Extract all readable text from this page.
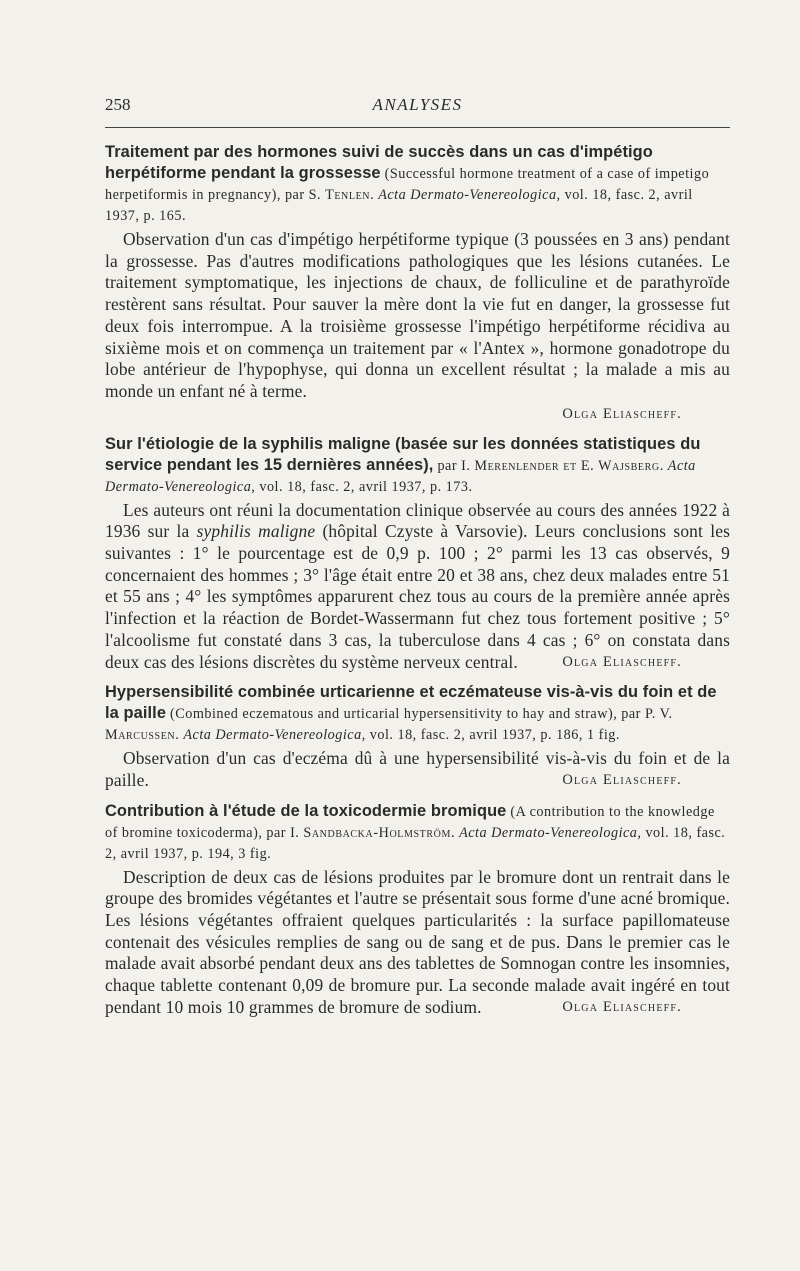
258	ANALYSES
Traitement par des hormones suivi de succès dans un cas d'impétigo herpétiforme pendant la grossesse (Successful hormone treatment of a case of impetigo herpetiformis in pregnancy), par S. Tenlen. Acta Dermato-Venereologica, vol. 18, fasc. 2, avril 1937, p. 165.

Observation d'un cas d'impétigo herpétiforme typique (3 poussées en 3 ans) pendant la grossesse. Pas d'autres modifications pathologiques que les lésions cutanées. Le traitement symptomatique, les injections de chaux, de folliculine et de parathyroïde restèrent sans résultat. Pour sauver la mère dont la vie fut en danger, la grossesse fut deux fois interrompue. A la troisième grossesse l'impétigo herpétiforme récidiva au sixième mois et on commença un traitement par « l'Antex », hormone gonadotrope du lobe antérieur de l'hypophyse, qui donna un excellent résultat ; la malade a mis au monde un enfant né à terme.

Olga Eliascheff.
Sur l'étiologie de la syphilis maligne (basée sur les données statistiques du service pendant les 15 dernières années), par I. Merenlender et E. Wajsberg. Acta Dermato-Venereologica, vol. 18, fasc. 2, avril 1937, p. 173.

Les auteurs ont réuni la documentation clinique observée au cours des années 1922 à 1936 sur la syphilis maligne (hôpital Czyste à Varsovie). Leurs conclusions sont les suivantes : 1° le pourcentage est de 0,9 p. 100 ; 2° parmi les 13 cas observés, 9 concernaient des hommes ; 3° l'âge était entre 20 et 38 ans, chez deux malades entre 51 et 55 ans ; 4° les symptômes apparurent chez tous au cours de la première année après l'infection et la réaction de Bordet-Wassermann fut chez tous fortement positive ; 5° l'alcoolisme fut constaté dans 3 cas, la tuberculose dans 4 cas ; 6° on constata dans deux cas des lésions discrètes du système nerveux central.	Olga Eliascheff.

Hypersensibilité combinée urticarienne et eczémateuse vis-à-vis du foin et de la paille (Combined eczematous and urticarial hypersensitivity to hay and straw), par P. V. Marcussen. Acta Dermato-Venereologica, vol. 18, fasc. 2, avril 1937, p. 186, 1 fig.

Observation d'un cas d'eczéma dû à une hypersensibilité vis-à-vis du foin et de la paille.	Olga Eliascheff.

Contribution à l'étude de la toxicodermie bromique (A contribution to the knowledge of bromine toxicoderma), par I. Sandbacka-Holmström. Acta Dermato-Venereologica, vol. 18, fasc. 2, avril 1937, p. 194, 3 fig.

Description de deux cas de lésions produites par le bromure dont un rentrait dans le groupe des bromides végétantes et l'autre se présentait sous forme d'une acné bromique. Les lésions végétantes offraient quelques particularités : la surface papillomateuse contenait des vésicules remplies de sang ou de sang et de pus. Dans le premier cas le malade avait absorbé pendant deux ans des tablettes de Somnogan contre les insomnies, chaque tablette contenant 0,09 de bromure pur. La seconde malade avait ingéré en tout pendant 10 mois 10 grammes de bromure de sodium.	Olga Eliascheff.
